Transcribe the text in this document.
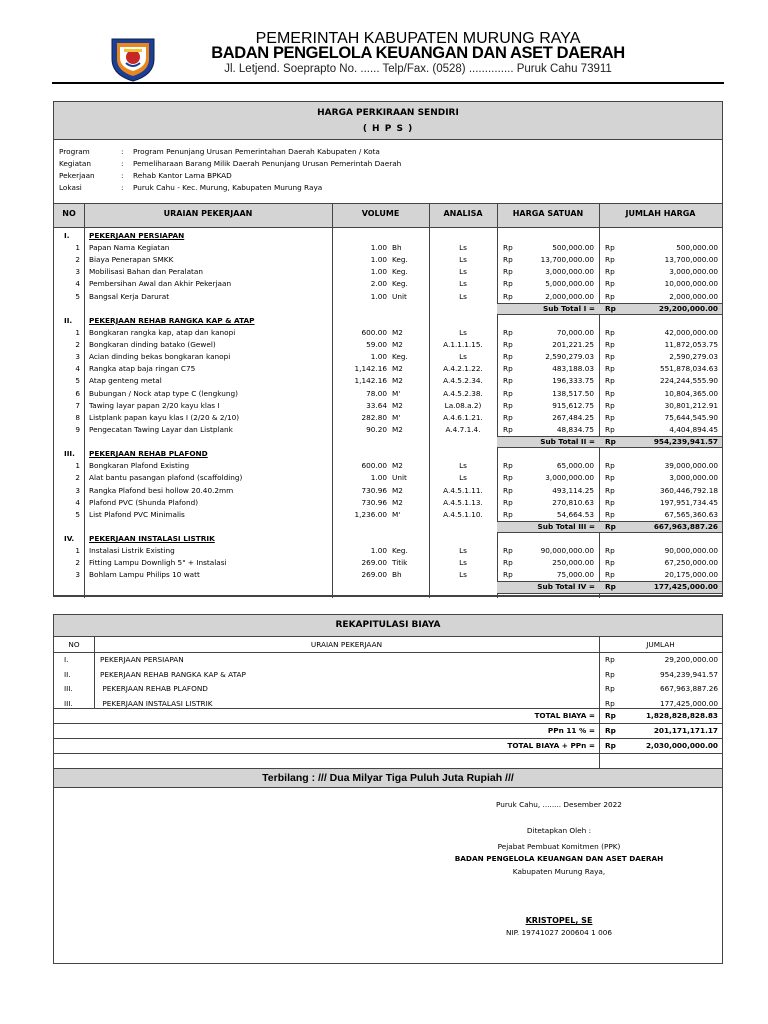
PEMERINTAH KABUPATEN MURUNG RAYA
BADAN PENGELOLA KEUANGAN DAN ASET DAERAH
Jl. Letjend. Soeprapto No. ...... Telp/Fax. (0528) .............. Puruk Cahu 73911
HARGA PERKIRAAN SENDIRI
( H P S )
Program	: Program Penunjang Urusan Pemerintahan Daerah Kabupaten / Kota
Kegiatan	: Pemeliharaan Barang Milik Daerah Penunjang Urusan Pemerintah Daerah
Pekerjaan	: Rehab Kantor Lama BPKAD
Lokasi	: Puruk Cahu - Kec. Murung, Kabupaten Murung Raya
NO	URAIAN PEKERJAAN	VOLUME	ANALISA	HARGA SATUAN	JUMLAH HARGA
I.	PEKERJAAN PERSIAPAN
1 Papan Nama Kegiatan	1.00 Bh	Ls	Rp	500,000.00 Rp	500,000.00
2 Biaya Penerapan SMKK	1.00 Keg.	Ls	Rp	13,700,000.00 Rp	13,700,000.00
3 Mobilisasi Bahan dan Peralatan	1.00 Keg.	Ls	Rp	3,000,000.00 Rp	3,000,000.00
4 Pembersihan Awal dan Akhir Pekerjaan	2.00 Keg.	Ls	Rp	5,000,000.00 Rp	10,000,000.00
5 Bangsal Kerja Darurat	1.00 Unit	Ls	Rp	2,000,000.00 Rp	2,000,000.00
Sub Total I = Rp	29,200,000.00
II. PEKERJAAN REHAB RANGKA KAP & ATAP
1 Bongkaran rangka kap, atap dan kanopi	600.00 M2	Ls	Rp	70,000.00 Rp	42,000,000.00
2 Bongkaran dinding batako (Gewel)	59.00 M2	A.1.1.1.15.	Rp	201,221.25 Rp	11,872,053.75
3 Acian dinding bekas bongkaran kanopi	1.00 Keg.	Ls	Rp	2,590,279.03 Rp	2,590,279.03
4 Rangka atap baja ringan C75	1,142.16 M2	A.4.2.1.22.	Rp	483,188.03 Rp	551,878,034.63
5 Atap genteng metal	1,142.16 M2	A.4.5.2.34.	Rp	196,333.75 Rp	224,244,555.90
6 Bubungan / Nock atap type C (lengkung)	78.00 M'	A.4.5.2.38.	Rp	138,517.50 Rp	10,804,365.00
7 Tawing layar papan 2/20 kayu klas I	33.64 M2	La.08.a.2)	Rp	915,612.75 Rp	30,801,212.91
8 Listplank papan kayu klas I (2/20 & 2/10)	282.80 M'	A.4.6.1.21.	Rp	267,484.25 Rp	75,644,545.90
9 Pengecatan Tawing Layar dan Listplank	90.20 M2	A.4.7.1.4.	Rp	48,834.75 Rp	4,404,894.45
Sub Total II = Rp	954,239,941.57
III. PEKERJAAN REHAB PLAFOND
1 Bongkaran Plafond Existing	600.00 M2	Ls	Rp	65,000.00 Rp	39,000,000.00
2 Alat bantu pasangan plafond (scaffolding)	1.00 Unit	Ls	Rp	3,000,000.00 Rp	3,000,000.00
3 Rangka Plafond besi hollow 20.40.2mm	730.96 M2	A.4.5.1.11.	Rp	493,114.25 Rp	360,446,792.18
4 Plafond PVC (Shunda Plafond)	730.96 M2	A.4.5.1.13.	Rp	270,810.63 Rp	197,951,734.45
5 List Plafond PVC Minimalis	1,236.00 M'	A.4.5.1.10.	Rp	54,664.53 Rp	67,565,360.63
Sub Total III = Rp	667,963,887.26
IV. PEKERJAAN INSTALASI LISTRIK
1 Instalasi Listrik Existing	1.00 Keg.	Ls	Rp	90,000,000.00 Rp	90,000,000.00
2 Fitting Lampu Downligh 5" + Instalasi	269.00 Titik	Ls	Rp	250,000.00 Rp	67,250,000.00
3 Bohlam Lampu Philips 10 watt	269.00 Bh	Ls	Rp	75,000.00 Rp	20,175,000.00
Sub Total IV = Rp	177,425,000.00
REKAPITULASI BIAYA
NO	URAIAN PEKERJAAN	JUMLAH
I.	PEKERJAAN PERSIAPAN	Rp	29,200,000.00
II.	PEKERJAAN REHAB RANGKA KAP & ATAP	Rp	954,239,941.57
III.	PEKERJAAN REHAB PLAFOND	Rp	667,963,887.26
III.	PEKERJAAN INSTALASI LISTRIK	Rp	177,425,000.00
TOTAL BIAYA = Rp	1,828,828,828.83
PPn 11 % = Rp	201,171,171.17
TOTAL BIAYA + PPn = Rp	2,030,000,000.00
Terbilang : /// Dua Milyar Tiga Puluh Juta Rupiah ///
Puruk Cahu, ........ Desember 2022
Ditetapkan Oleh :
Pejabat Pembuat Komitmen (PPK)
BADAN PENGELOLA KEUANGAN DAN ASET DAERAH
Kabupaten Murung Raya,
KRISTOPEL, SE
NIP. 19741027 200604 1 006
